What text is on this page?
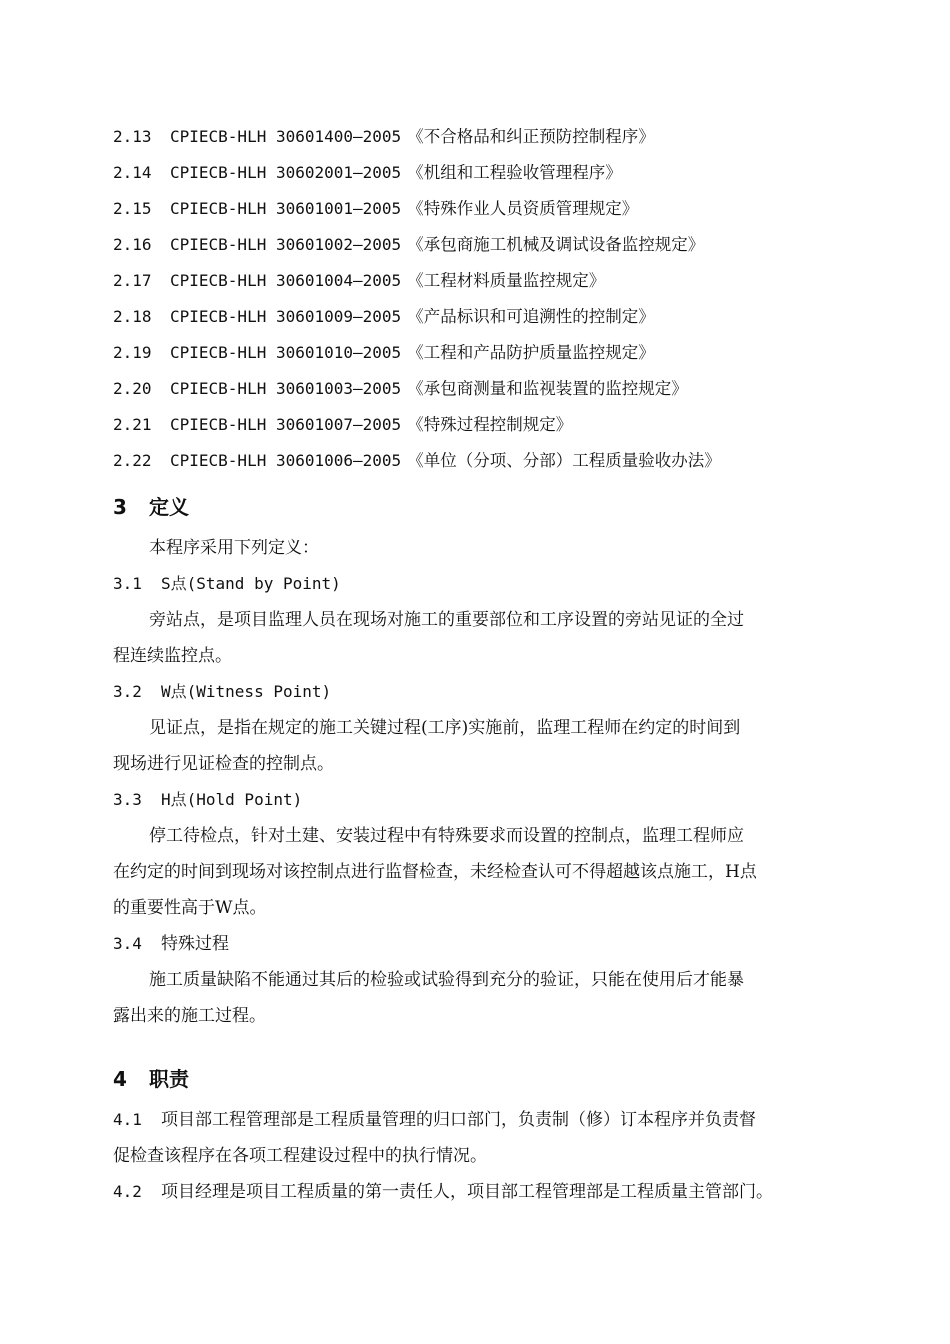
2.13 CPIECB-HLH 30601400—2005 《不合格品和纠正预防控制程序》
2.14 CPIECB-HLH 30602001—2005 《机组和工程验收管理程序》
2.15 CPIECB-HLH 30601001—2005 《特殊作业人员资质管理规定》
2.16 CPIECB-HLH 30601002—2005 《承包商施工机械及调试设备监控规定》
2.17 CPIECB-HLH 30601004—2005 《工程材料质量监控规定》
2.18 CPIECB-HLH 30601009—2005 《产品标识和可追溯性的控制定》
2.19 CPIECB-HLH 30601010—2005 《工程和产品防护质量监控规定》
2.20 CPIECB-HLH 30601003—2005 《承包商测量和监视装置的监控规定》
2.21 CPIECB-HLH 30601007—2005 《特殊过程控制规定》
2.22 CPIECB-HLH 30601006—2005 《单位（分项、分部）工程质量验收办法》
3 定义
本程序采用下列定义：
3.1 S点(Stand by Point)
旁站点，是项目监理人员在现场对施工的重要部位和工序设置的旁站见证的全过
程连续监控点。
3.2 W点(Witness Point)
见证点，是指在规定的施工关键过程(工序)实施前，监理工程师在约定的时间到
现场进行见证检查的控制点。
3.3 H点(Hold Point)
停工待检点，针对土建、安装过程中有特殊要求而设置的控制点，监理工程师应
在约定的时间到现场对该控制点进行监督检查，未经检查认可不得超越该点施工，H点
的重要性高于W点。
3.4 特殊过程
施工质量缺陷不能通过其后的检验或试验得到充分的验证，只能在使用后才能暴
露出来的施工过程。
4 职责
4.1 项目部工程管理部是工程质量管理的归口部门，负责制（修）订本程序并负责督
促检查该程序在各项工程建设过程中的执行情况。
4.2 项目经理是项目工程质量的第一责任人，项目部工程管理部是工程质量主管部门。
